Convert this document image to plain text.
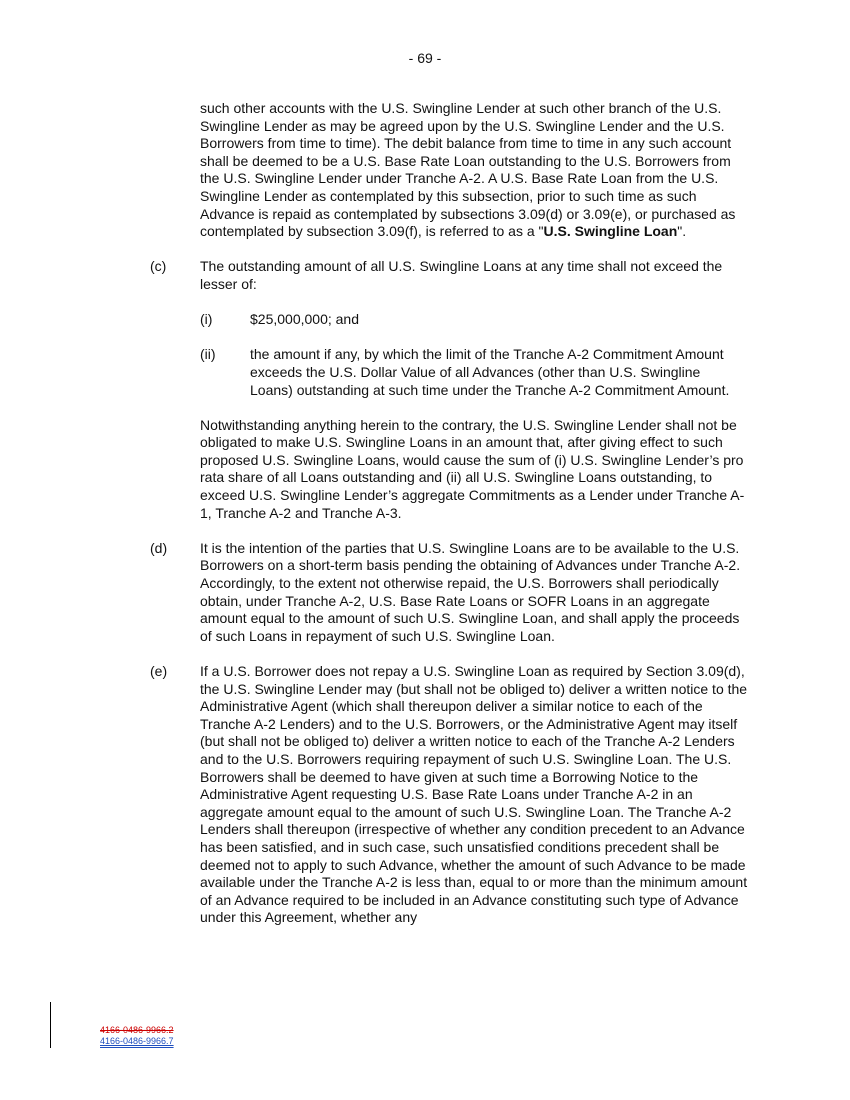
- 69 -
such other accounts with the U.S. Swingline Lender at such other branch of the U.S. Swingline Lender as may be agreed upon by the U.S. Swingline Lender and the U.S. Borrowers from time to time). The debit balance from time to time in any such account shall be deemed to be a U.S. Base Rate Loan outstanding to the U.S. Borrowers from the U.S. Swingline Lender under Tranche A-2. A U.S. Base Rate Loan from the U.S. Swingline Lender as contemplated by this subsection, prior to such time as such Advance is repaid as contemplated by subsections 3.09(d) or 3.09(e), or purchased as contemplated by subsection 3.09(f), is referred to as a "U.S. Swingline Loan".
(c) The outstanding amount of all U.S. Swingline Loans at any time shall not exceed the lesser of:
(i)	$25,000,000; and
(ii) the amount if any, by which the limit of the Tranche A-2 Commitment Amount exceeds the U.S. Dollar Value of all Advances (other than U.S. Swingline Loans) outstanding at such time under the Tranche A-2 Commitment Amount.
Notwithstanding anything herein to the contrary, the U.S. Swingline Lender shall not be obligated to make U.S. Swingline Loans in an amount that, after giving effect to such proposed U.S. Swingline Loans, would cause the sum of (i) U.S. Swingline Lender’s pro rata share of all Loans outstanding and (ii) all U.S. Swingline Loans outstanding, to exceed U.S. Swingline Lender’s aggregate Commitments as a Lender under Tranche A-1, Tranche A-2 and Tranche A-3.
(d) It is the intention of the parties that U.S. Swingline Loans are to be available to the U.S. Borrowers on a short-term basis pending the obtaining of Advances under Tranche A-2. Accordingly, to the extent not otherwise repaid, the U.S. Borrowers shall periodically obtain, under Tranche A-2, U.S. Base Rate Loans or SOFR Loans in an aggregate amount equal to the amount of such U.S. Swingline Loan, and shall apply the proceeds of such Loans in repayment of such U.S. Swingline Loan.
(e) If a U.S. Borrower does not repay a U.S. Swingline Loan as required by Section 3.09(d), the U.S. Swingline Lender may (but shall not be obliged to) deliver a written notice to the Administrative Agent (which shall thereupon deliver a similar notice to each of the Tranche A-2 Lenders) and to the U.S. Borrowers, or the Administrative Agent may itself (but shall not be obliged to) deliver a written notice to each of the Tranche A-2 Lenders and to the U.S. Borrowers requiring repayment of such U.S. Swingline Loan. The U.S. Borrowers shall be deemed to have given at such time a Borrowing Notice to the Administrative Agent requesting U.S. Base Rate Loans under Tranche A-2 in an aggregate amount equal to the amount of such U.S. Swingline Loan. The Tranche A-2 Lenders shall thereupon (irrespective of whether any condition precedent to an Advance has been satisfied, and in such case, such unsatisfied conditions precedent shall be deemed not to apply to such Advance, whether the amount of such Advance to be made available under the Tranche A-2 is less than, equal to or more than the minimum amount of an Advance required to be included in an Advance constituting such type of Advance under this Agreement, whether any
4166-0486-9966.2
4166-0486-9966.7
